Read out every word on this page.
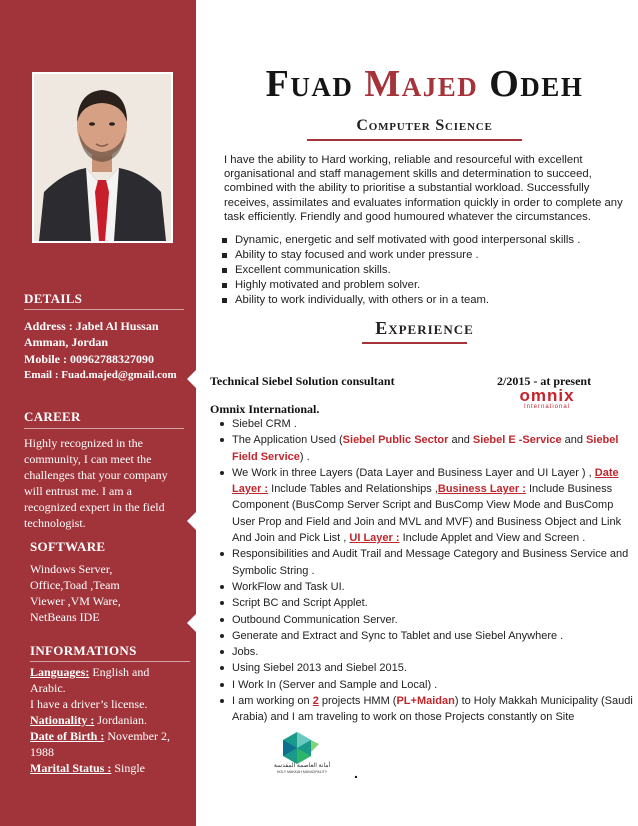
DETAILS
Address : Jabel Al Hussan
Amman, Jordan
Mobile : 00962788327090
Email : Fuad.majed@gmail.com
CAREER
Highly recognized in the community, I can meet the challenges that your company will entrust me. I am a recognized expert in the field technologist.
SOFTWARE
Windows Server, Office,Toad ,Team Viewer ,VM Ware, NetBeans IDE
INFORMATIONS
Languages: English and Arabic.
I have a driver’s license.
Nationality : Jordanian.
Date of Birth : November 2, 1988
Marital Status : Single
Fuad Majed Odeh
Computer Science
I have the ability to Hard working, reliable and resourceful with excellent organisational and staff management skills and determination to succeed, combined with the ability to prioritise a substantial workload. Successfully receives, assimilates and evaluates information quickly in order to complete any task efficiently. Friendly and good humoured whatever the circumstances.
Dynamic, energetic and self motivated with good interpersonal skills .
Ability to stay focused and work under pressure .
Excellent communication skills.
Highly motivated and problem solver.
Ability to work individually, with others or in a team.
Experience
Technical Siebel Solution consultant	2/2015 - at present
omnix
International
Omnix International.
Siebel CRM .
The Application Used (Siebel Public Sector and Siebel E -Service and Siebel Field Service) .
We Work in three Layers (Data Layer and Business Layer and UI Layer ) , Date Layer : Include Tables and Relationships ,Business Layer : Include Business Component (BusComp Server Script and BusComp View Mode and BusComp User Prop and Field and Join and MVL and MVF) and Business Object and Link And Join and Pick List , UI Layer : Include Applet and View and Screen .
Responsibilities and Audit Trail and Message Category and Business Service and Symbolic String .
WorkFlow and Task UI.
Script BC and Script Applet.
Outbound Communication Server.
Generate and Extract and Sync to Tablet and use Siebel Anywhere .
Jobs.
Using Siebel 2013 and Siebel 2015.
I Work In (Server and Sample and Local) .
I am working on 2 projects HMM (PL+Maidan) to Holy Makkah Municipality (Saudi Arabia) and I am traveling to work on those Projects constantly on Site
أمانة العاصمة المقدسة
HOLY MAKKAH MUNICIPALITY	.
